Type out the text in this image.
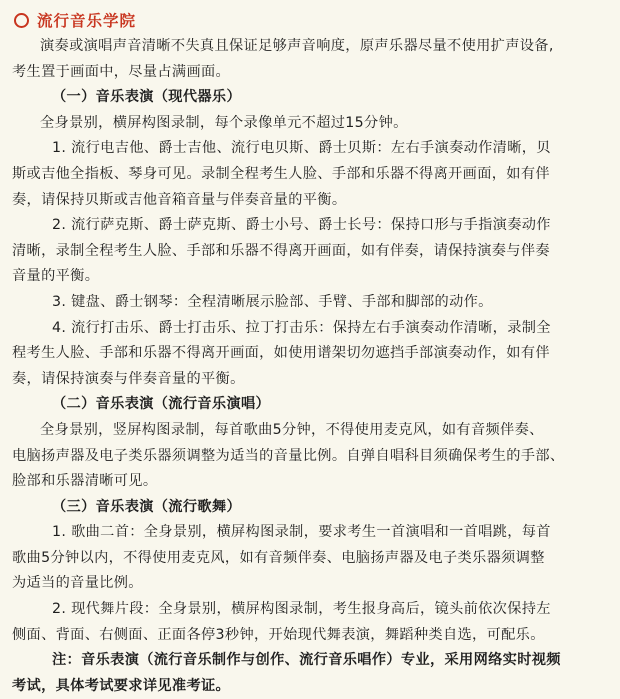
流行音乐学院
演奏或演唱声音清晰不失真且保证足够声音响度，原声乐器尽量不使用扩声设备,
考生置于画面中，尽量占满画面。
（一）音乐表演（现代器乐）
全身景别，横屏构图录制，每个录像单元不超过15分钟。
1. 流行电吉他、爵士吉他、流行电贝斯、爵士贝斯：左右手演奏动作清晰，贝
斯或吉他全指板、琴身可见。录制全程考生人脸、手部和乐器不得离开画面，如有伴
奏，请保持贝斯或吉他音箱音量与伴奏音量的平衡。
2. 流行萨克斯、爵士萨克斯、爵士小号、爵士长号：保持口形与手指演奏动作
清晰，录制全程考生人脸、手部和乐器不得离开画面，如有伴奏，请保持演奏与伴奏
音量的平衡。
3. 键盘、爵士钢琴：全程清晰展示脸部、手臂、手部和脚部的动作。
4. 流行打击乐、爵士打击乐、拉丁打击乐：保持左右手演奏动作清晰，录制全
程考生人脸、手部和乐器不得离开画面，如使用谱架切勿遮挡手部演奏动作，如有伴
奏，请保持演奏与伴奏音量的平衡。
（二）音乐表演（流行音乐演唱）
全身景别，竖屏构图录制，每首歌曲5分钟，不得使用麦克风，如有音频伴奏、
电脑扬声器及电子类乐器须调整为适当的音量比例。自弹自唱科目须确保考生的手部、
脸部和乐器清晰可见。
（三）音乐表演（流行歌舞）
1. 歌曲二首：全身景别，横屏构图录制，要求考生一首演唱和一首唱跳，每首
歌曲5分钟以内，不得使用麦克风，如有音频伴奏、电脑扬声器及电子类乐器须调整
为适当的音量比例。
2. 现代舞片段：全身景别，横屏构图录制，考生报身高后，镜头前依次保持左
侧面、背面、右侧面、正面各停3秒钟，开始现代舞表演，舞蹈种类自选，可配乐。
注：音乐表演（流行音乐制作与创作、流行音乐唱作）专业，采用网络实时视频
考试，具体考试要求详见准考证。
